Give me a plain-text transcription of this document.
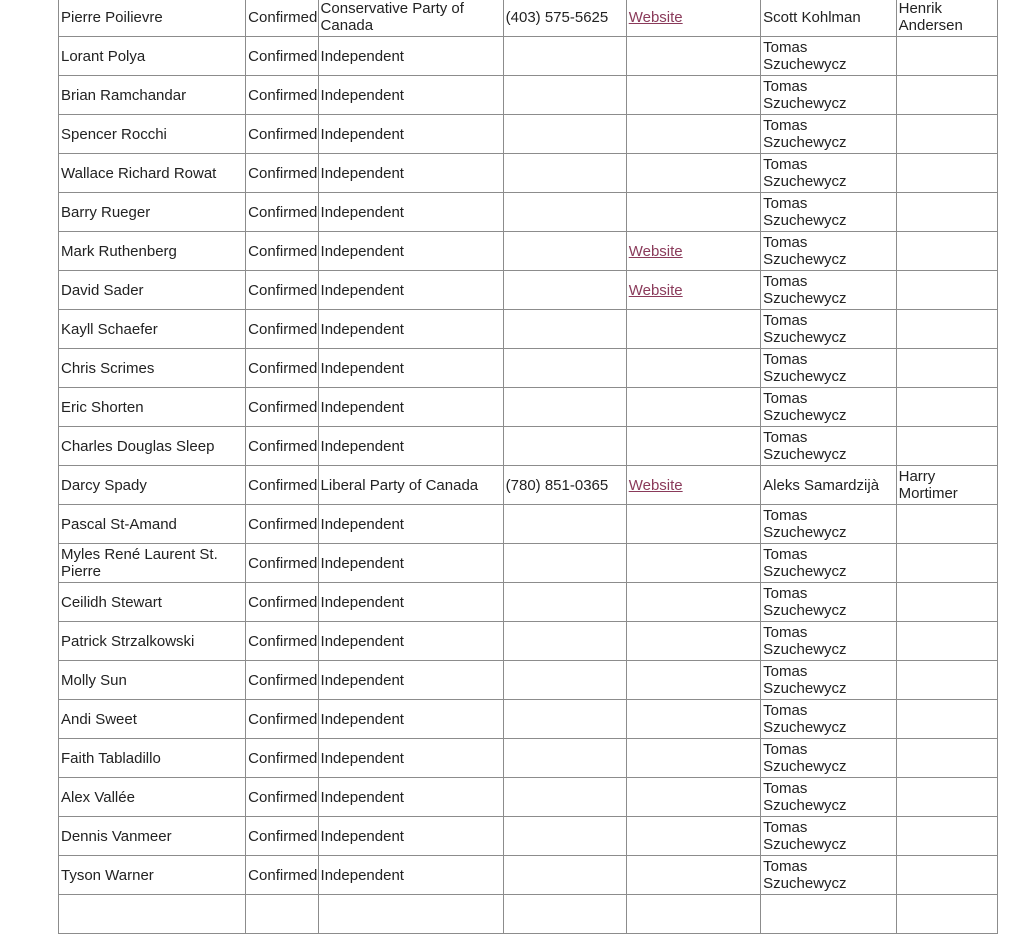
Pierre Poilievre	Confirmed	Conservative Party of Canada	(403) 575-5625	Website	Scott Kohlman	Henrik Andersen
Lorant Polya	Confirmed	Independent			Tomas Szuchewycz	
Brian Ramchandar	Confirmed	Independent			Tomas Szuchewycz	
Spencer Rocchi	Confirmed	Independent			Tomas Szuchewycz	
Wallace Richard Rowat	Confirmed	Independent			Tomas Szuchewycz	
Barry Rueger	Confirmed	Independent			Tomas Szuchewycz	
Mark Ruthenberg	Confirmed	Independent		Website	Tomas Szuchewycz	
David Sader	Confirmed	Independent		Website	Tomas Szuchewycz	
Kayll Schaefer	Confirmed	Independent			Tomas Szuchewycz	
Chris Scrimes	Confirmed	Independent			Tomas Szuchewycz	
Eric Shorten	Confirmed	Independent			Tomas Szuchewycz	
Charles Douglas Sleep	Confirmed	Independent			Tomas Szuchewycz	
Darcy Spady	Confirmed	Liberal Party of Canada	(780) 851-0365	Website	Aleks Samardzijà	Harry Mortimer
Pascal St-Amand	Confirmed	Independent			Tomas Szuchewycz	
Myles René Laurent St. Pierre	Confirmed	Independent			Tomas Szuchewycz	
Ceilidh Stewart	Confirmed	Independent			Tomas Szuchewycz	
Patrick Strzalkowski	Confirmed	Independent			Tomas Szuchewycz	
Molly Sun	Confirmed	Independent			Tomas Szuchewycz	
Andi Sweet	Confirmed	Independent			Tomas Szuchewycz	
Faith Tabladillo	Confirmed	Independent			Tomas Szuchewycz	
Alex Vallée	Confirmed	Independent			Tomas Szuchewycz	
Dennis Vanmeer	Confirmed	Independent			Tomas Szuchewycz	
Tyson Warner	Confirmed	Independent			Tomas Szuchewycz	
